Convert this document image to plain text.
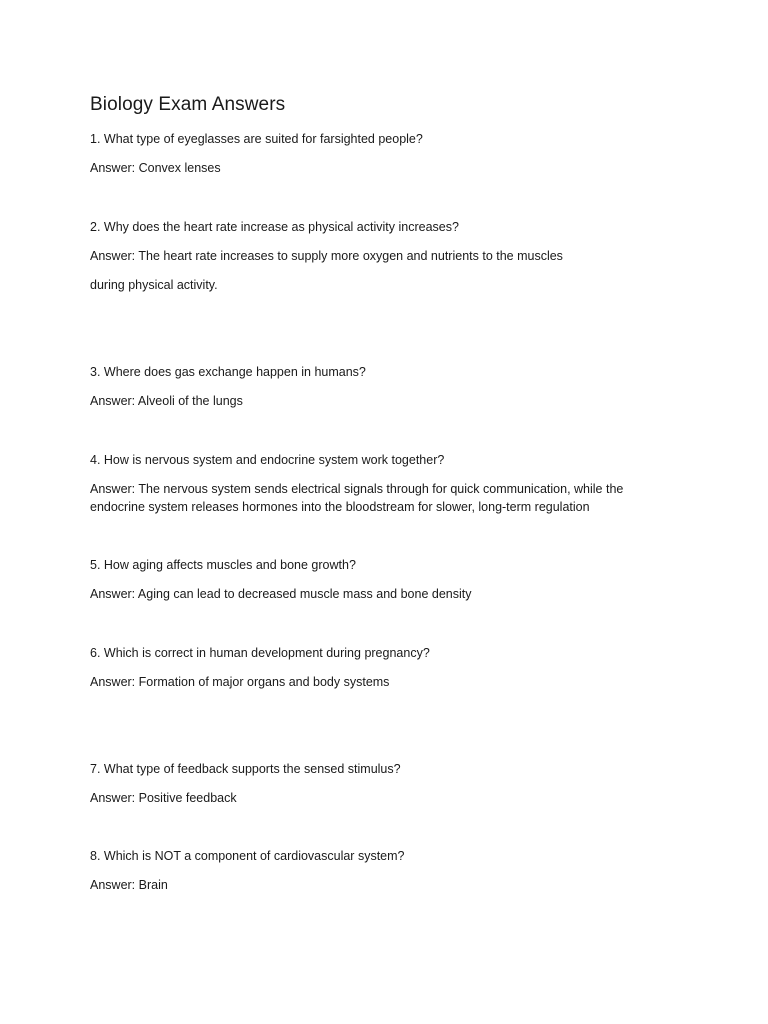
Biology Exam Answers
1. What type of eyeglasses are suited for farsighted people?
Answer: Convex lenses
2. Why does the heart rate increase as physical activity increases?
Answer: The heart rate increases to supply more oxygen and nutrients to the muscles
during physical activity.
3. Where does gas exchange happen in humans?
Answer: Alveoli of the lungs
4. How is nervous system and endocrine system work together?
Answer: The nervous system sends electrical signals through for quick communication, while the
endocrine system releases hormones into the bloodstream for slower, long-term regulation
5. How aging affects muscles and bone growth?
Answer: Aging can lead to decreased muscle mass and bone density
6. Which is correct in human development during pregnancy?
Answer: Formation of major organs and body systems
7. What type of feedback supports the sensed stimulus?
Answer: Positive feedback
8. Which is NOT a component of cardiovascular system?
Answer: Brain
